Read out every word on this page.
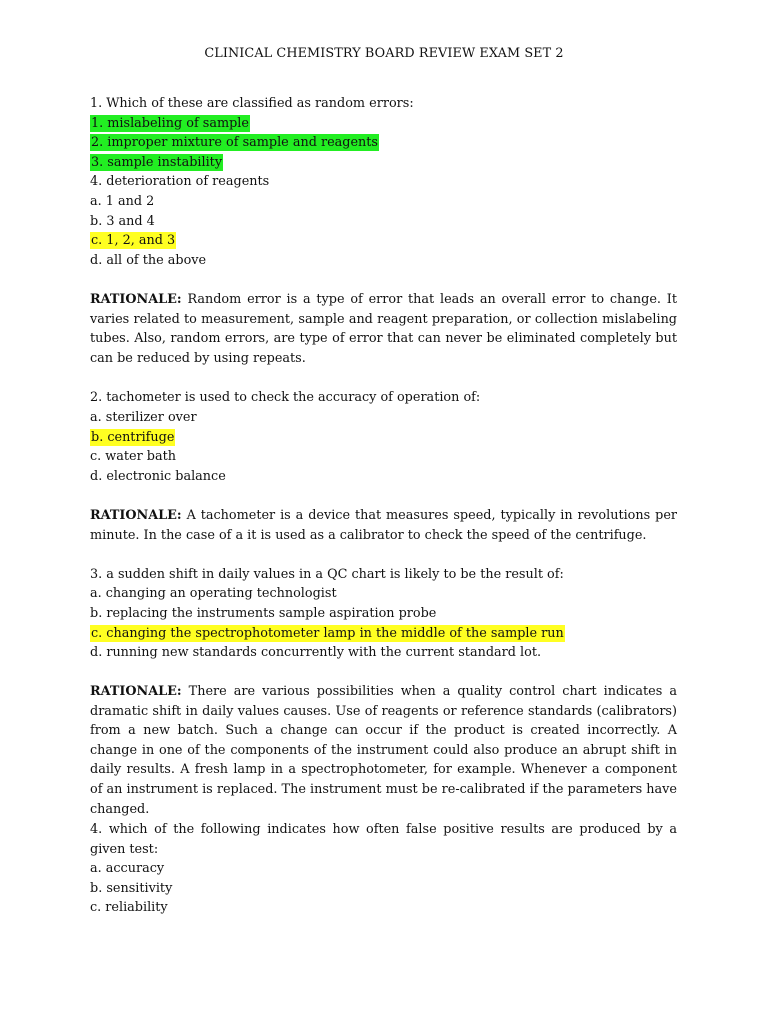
CLINICAL CHEMISTRY BOARD REVIEW EXAM SET 2
1. Which of these are classified as random errors:
1. mislabeling of sample
2. improper mixture of sample and reagents
3. sample instability
4. deterioration of reagents
a. 1 and 2
b. 3 and 4
c. 1, 2, and 3
d. all of the above
RATIONALE: Random error is a type of error that leads an overall error to change. It varies related to measurement, sample and reagent preparation, or collection mislabeling tubes. Also, random errors, are type of error that can never be eliminated completely but can be reduced by using repeats.
2. tachometer is used to check the accuracy of operation of:
a. sterilizer over
b. centrifuge
c. water bath
d. electronic balance
RATIONALE: A tachometer is a device that measures speed, typically in revolutions per minute. In the case of a it is used as a calibrator to check the speed of the centrifuge.
3. a sudden shift in daily values in a QC chart is likely to be the result of:
a. changing an operating technologist
b. replacing the instruments sample aspiration probe
c. changing the spectrophotometer lamp in the middle of the sample run
d. running new standards concurrently with the current standard lot.
RATIONALE: There are various possibilities when a quality control chart indicates a dramatic shift in daily values causes. Use of reagents or reference standards (calibrators) from a new batch. Such a change can occur if the product is created incorrectly. A change in one of the components of the instrument could also produce an abrupt shift in daily results. A fresh lamp in a spectrophotometer, for example. Whenever a component of an instrument is replaced. The instrument must be re-calibrated if the parameters have changed.
4. which of the following indicates how often false positive results are produced by a given test:
a. accuracy
b. sensitivity
c. reliability
